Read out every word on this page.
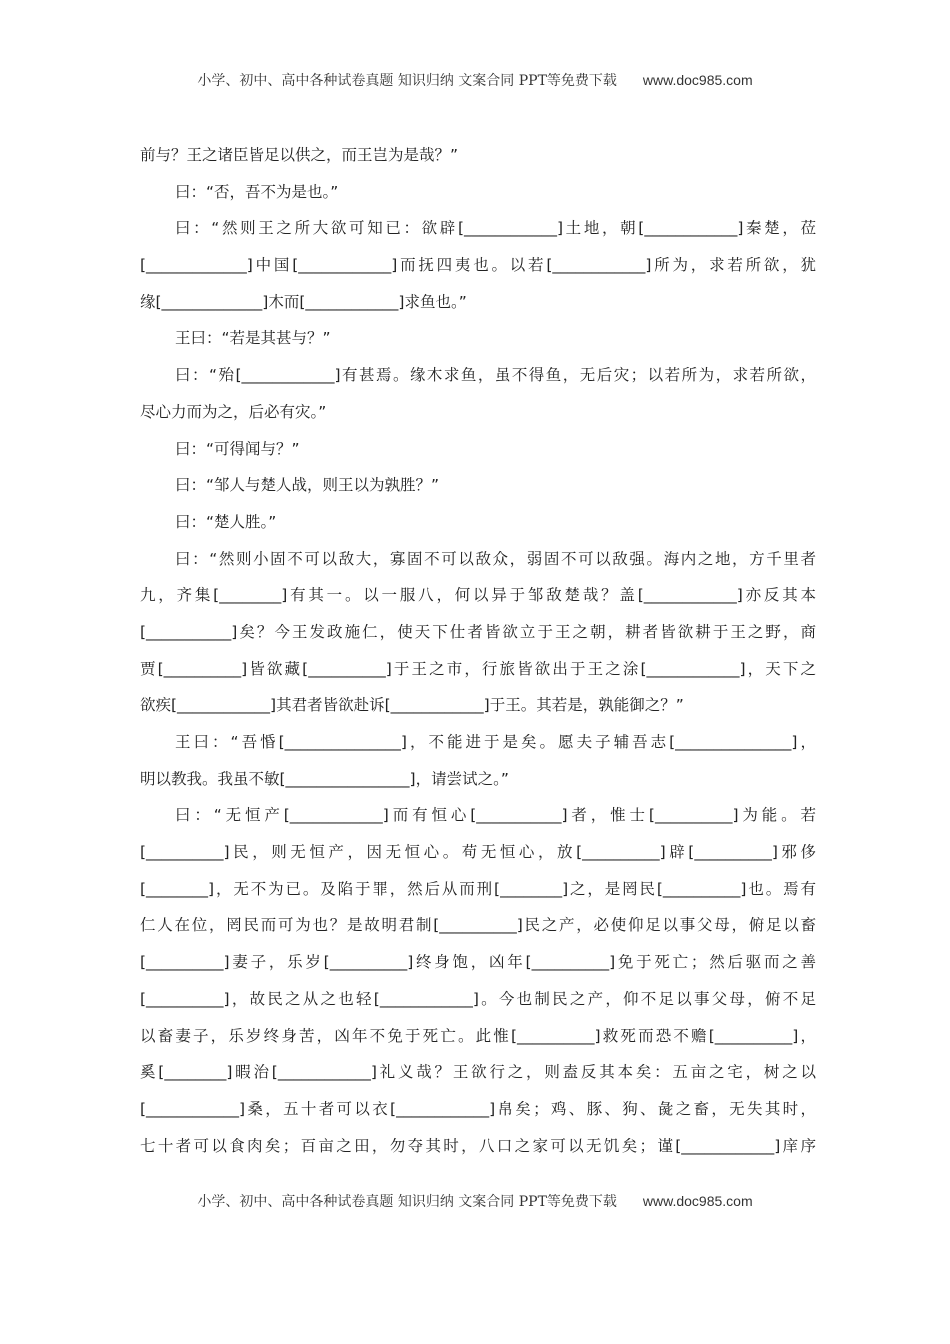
小学、初中、高中各种试卷真题 知识归纳 文案合同 PPT等免费下载 www.doc985.com
前与？王之诸臣皆足以供之，而王岂为是哉？”
曰：“否，吾不为是也。”
曰：“然则王之所大欲可知已：欲辟[____________]土地，朝[____________]秦楚，莅
[_____________]中国[____________]而抚四夷也。以若[____________]所为，求若所欲，犹
缘[_____________]木而[____________]求鱼也。”
王曰：“若是其甚与？”
曰：“殆[____________]有甚焉。缘木求鱼，虽不得鱼，无后灾；以若所为，求若所欲，
尽心力而为之，后必有灾。”
曰：“可得闻与？”
曰：“邹人与楚人战，则王以为孰胜？”
曰：“楚人胜。”
曰：“然则小固不可以敌大，寡固不可以敌众，弱固不可以敌强。海内之地，方千里者
九，齐集[________]有其一。以一服八，何以异于邹敌楚哉？盖[____________]亦反其本
[___________]矣？今王发政施仁，使天下仕者皆欲立于王之朝，耕者皆欲耕于王之野，商
贾[__________]皆欲藏[__________]于王之市，行旅皆欲出于王之涂[____________]，天下之
欲疾[____________]其君者皆欲赴诉[____________]于王。其若是，孰能御之？”
王曰：“吾惛[_______________]，不能进于是矣。愿夫子辅吾志[_______________]，
明以教我。我虽不敏[________________]，请尝试之。”
曰：“无恒产[____________]而有恒心[___________]者，惟士[__________]为能。若
[__________]民，则无恒产，因无恒心。苟无恒心，放[__________]辟[__________]邪侈
[________]，无不为已。及陷于罪，然后从而刑[________]之，是罔民[__________]也。焉有
仁人在位，罔民而可为也？是故明君制[__________]民之产，必使仰足以事父母，俯足以畜
[__________]妻子，乐岁[__________]终身饱，凶年[__________]免于死亡；然后驱而之善
[__________]，故民之从之也轻[____________]。今也制民之产，仰不足以事父母，俯不足
以畜妻子，乐岁终身苦，凶年不免于死亡。此惟[__________]救死而恐不赡[__________]，
奚[________]暇治[____________]礼义哉？王欲行之，则盍反其本矣：五亩之宅，树之以
[____________]桑，五十者可以衣[____________]帛矣；鸡、豚、狗、彘之畜，无失其时，
七十者可以食肉矣；百亩之田，勿夺其时，八口之家可以无饥矣；谨[____________]庠序
小学、初中、高中各种试卷真题 知识归纳 文案合同 PPT等免费下载 www.doc985.com
